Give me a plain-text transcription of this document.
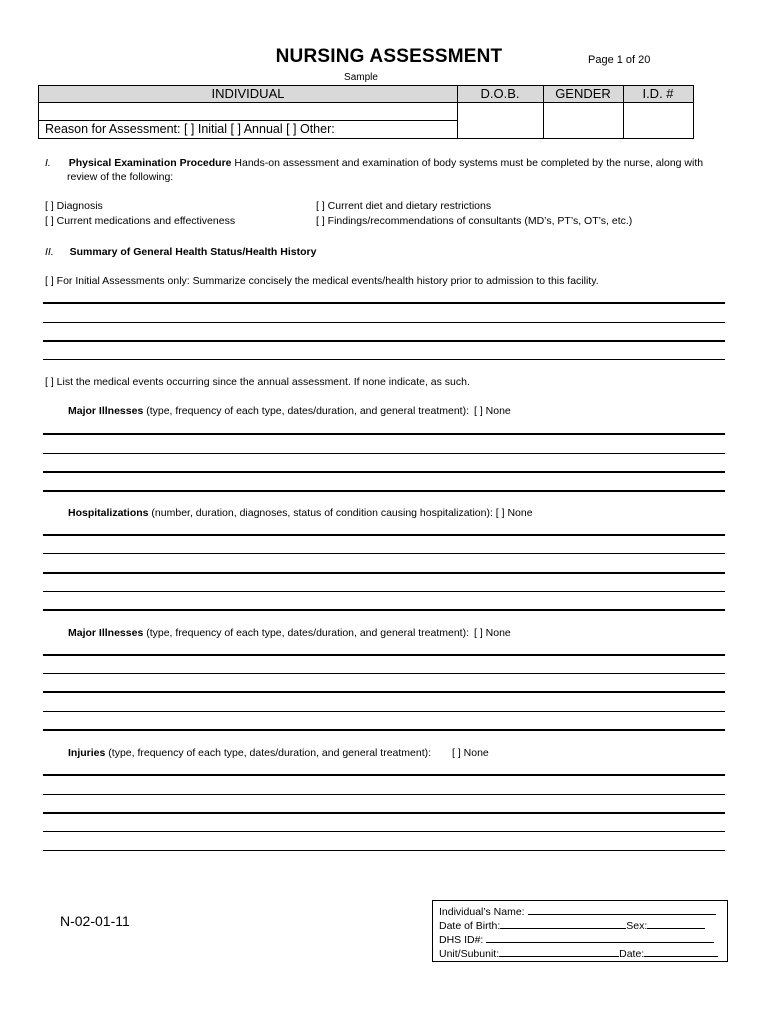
NURSING ASSESSMENT	Page 1 of 20
Sample
INDIVIDUAL	D.O.B.	GENDER	I.D. #
Reason for Assessment: [ ] Initial [ ] Annual [ ] Other:
I. Physical Examination Procedure Hands-on assessment and examination of body systems must be completed by the nurse, along with
review of the following:
[ ] Diagnosis
[ ] Current medications and effectiveness
[ ] Current diet and dietary restrictions
[ ] Findings/recommendations of consultants (MD’s, PT’s, OT’s, etc.)
II. Summary of General Health Status/Health History
[ ] For Initial Assessments only: Summarize concisely the medical events/health history prior to admission to this facility.
[ ] List the medical events occurring since the annual assessment. If none indicate, as such.
Major Illnesses (type, frequency of each type, dates/duration, and general treatment): [ ] None
Hospitalizations (number, duration, diagnoses, status of condition causing hospitalization): [ ] None
Major Illnesses (type, frequency of each type, dates/duration, and general treatment): [ ] None
Injuries (type, frequency of each type, dates/duration, and general treatment): [ ] None
N-02-01-11
Individual’s Name:
Date of Birth:	Sex:
DHS ID#:
Unit/Subunit:	Date:
